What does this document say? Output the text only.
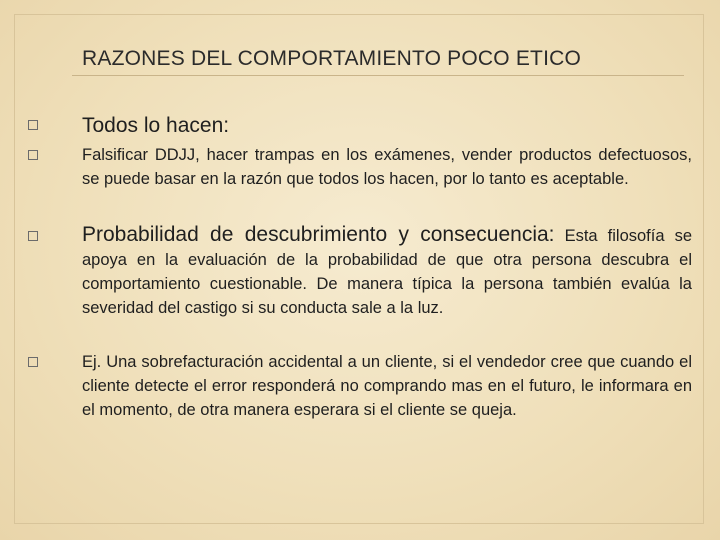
RAZONES DEL COMPORTAMIENTO POCO ETICO
Todos lo hacen:
Falsificar DDJJ, hacer trampas en los exámenes, vender productos defectuosos, se puede basar en la razón que todos los hacen, por lo tanto es aceptable.
Probabilidad de descubrimiento y consecuencia: Esta filosofía se apoya en la evaluación de la probabilidad de que otra persona descubra el comportamiento cuestionable. De manera típica la persona también evalúa la severidad del castigo si su conducta sale a la luz.
Ej. Una sobrefacturación accidental a un cliente, si el vendedor cree que cuando el cliente detecte el error responderá no comprando mas en el futuro, le informara en el momento, de otra manera esperara si el cliente se queja.
